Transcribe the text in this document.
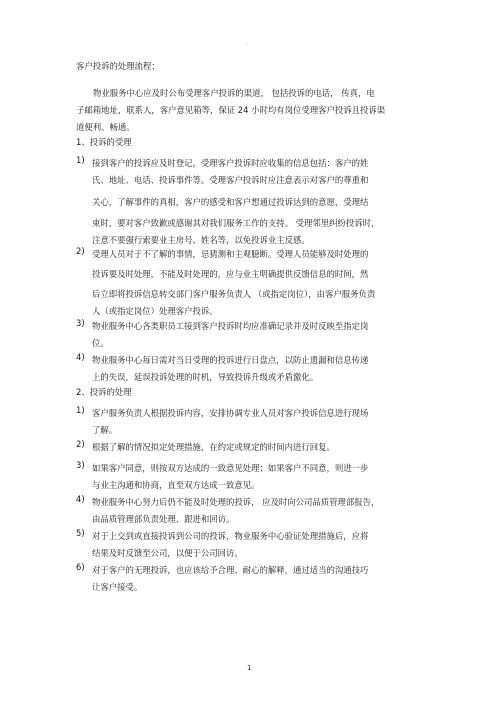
.
客户投诉的处理流程：
物业服务中心应及时公布受理客户投诉的渠道， 包括投诉的电话， 传真，电
子邮箱地址，联系人，客户意见箱等，保证 24 小时均有岗位受理客户投诉且投诉渠
道便利、畅通。
1、投诉的受理
1) 接到客户的投诉应及时登记，受理客户投诉时应收集的信息包括：客户的姓
氏、地址、电话、投诉事件等。受理客户投诉时应注意表示对客户的尊重和
关心，了解事件的真相，客户的感受和客户想通过投诉达到的意愿，受理结
束时，要对客户致歉或感谢其对我们服务工作的支持。 受理邻里纠纷投诉时，
注意不要强行索要业主房号、姓名等，以免投诉业主反感。
2) 受理人员对于不了解的事情，忌猜测和主观臆断。受理人员能够及时处理的
投诉要及时处理，不能及时处理的，应与业主明确提供反馈信息的时间，然
后立即将投诉信息转交部门客户服务负责人 （或指定岗位），由客户服务负责
人（或指定岗位）处理客户投诉。
3) 物业服务中心各类职员工接到客户投诉时均应准确记录并及时反映至指定岗
位。
4) 物业服务中心每日需对当日受理的投诉进行日盘点，以防止遗漏和信息传递
上的失误，延误投诉处理的时机，导致投诉升级或矛盾激化。
2、投诉的处理
1) 客户服务负责人根据投诉内容，安排协调专业人员对客户投诉信息进行现场
了解。
2) 根据了解的情况拟定处理措施，在约定或规定的时间内进行回复。
3) 如果客户同意，则按双方达成的一致意见处理；如果客户不同意，则进一步
与业主沟通和协商，直至双方达成一致意见。
4) 物业服务中心努力后仍不能及时处理的投诉， 应及时向公司品质管理部报告，
由品质管理部负责处理、跟进和回访。
5) 对于上交到或直接投诉到公司的投诉，物业服务中心验证处理措施后，应将
结果及时反馈至公司，以便于公司回访。
6) 对于客户的无理投诉，也应该给予合理、耐心的解释，通过适当的沟通技巧
让客户接受。
1
